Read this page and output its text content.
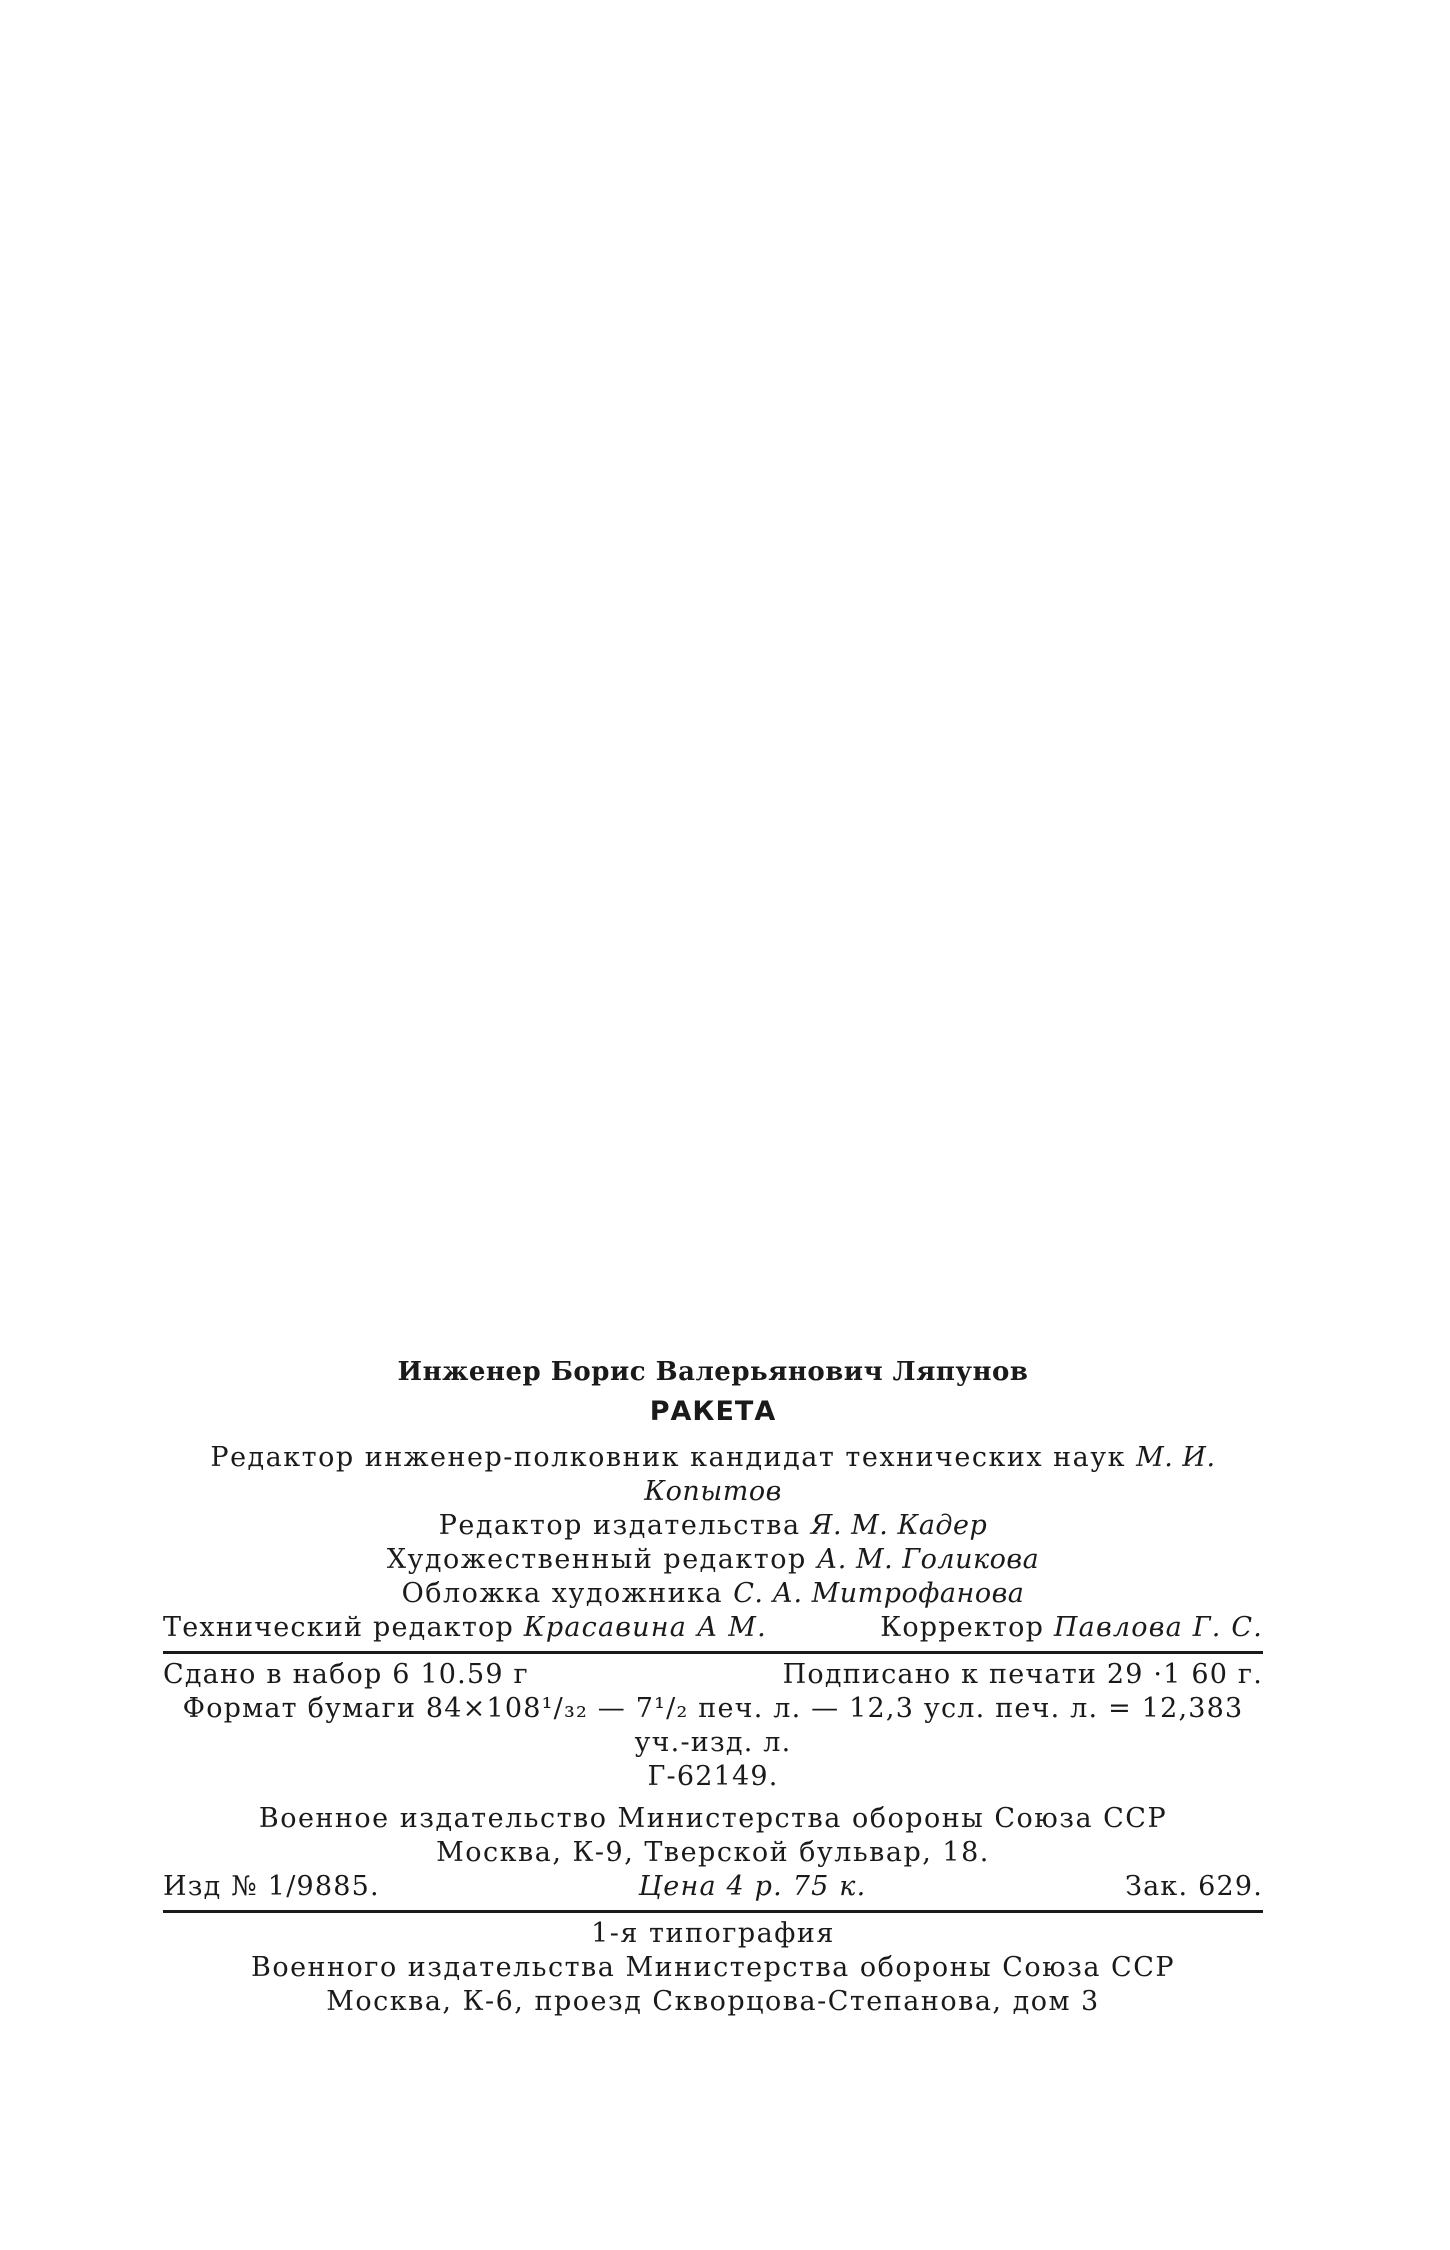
Инженер Борис Валерьянович Ляпунов
РАКЕТА
Редактор инженер-полковник кандидат технических наук М. И. Копытов
Редактор издательства Я. М. Кадер
Художественный редактор А. М. Голикова
Обложка художника С. А. Митрофанова
Технический редактор Красавина А М.	Корректор Павлова Г. С.
Сдано в набор 6 10.59 г	Подписано к печати 29 ·1 60 г.
Формат бумаги 84×108¹/₃₂ — 7¹/₂ печ. л. — 12,3 усл. печ. л. = 12,383 уч.-изд. л.
Г-62149.
Военное издательство Министерства обороны Союза ССР
Москва, К-9, Тверской бульвар, 18.
Изд № 1/9885.	Цена 4 р. 75 к.	Зак. 629.
1-я типография
Военного издательства Министерства обороны Союза ССР
Москва, К-6, проезд Скворцова-Степанова, дом 3
